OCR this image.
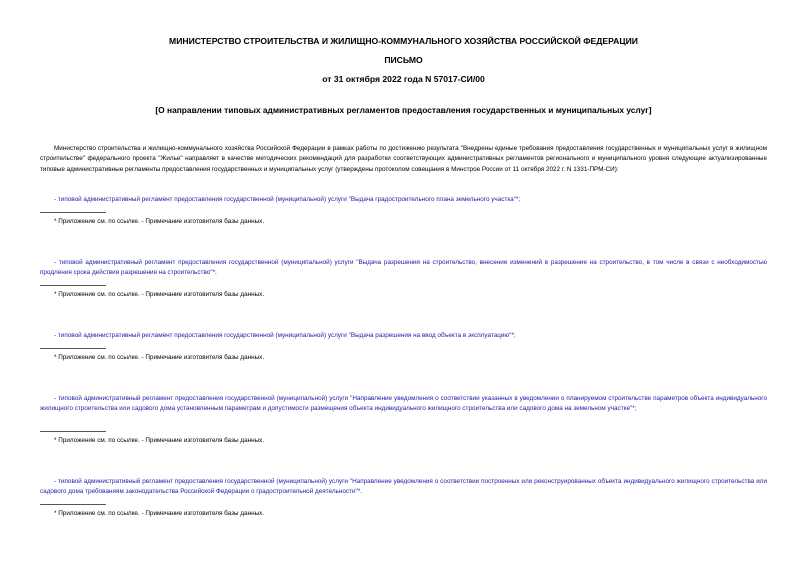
МИНИСТЕРСТВО СТРОИТЕЛЬСТВА И ЖИЛИЩНО-КОММУНАЛЬНОГО ХОЗЯЙСТВА РОССИЙСКОЙ ФЕДЕРАЦИИ
ПИСЬМО
от 31 октября 2022 года N 57017-СИ/00
[О направлении типовых административных регламентов предоставления государственных и муниципальных услуг]
Министерство строительства и жилищно-коммунального хозяйства Российской Федерации в рамках работы по достижению результата "Внедрены единые требования предоставления государственных и муниципальных услуг в жилищном строительстве" федерального проекта "Жилье" направляет в качестве методических рекомендаций для разработки соответствующих административных регламентов регионального и муниципального уровня следующие актуализированные типовые административные регламенты предоставления государственных и муниципальных услуг (утверждены протоколом совещания в Минстрое России от 11 октября 2022 г. N 1331-ПРМ-СИ):
- типовой административный регламент предоставления государственной (муниципальной) услуги "Выдача градостроительного плана земельного участка"*;
* Приложение см. по ссылке. - Примечание изготовителя базы данных.
- типовой административный регламент предоставления государственной (муниципальной) услуги "Выдача разрешения на строительство, внесение изменений в разрешение на строительство, в том числе в связи с необходимостью продления срока действия разрешения на строительство"*;
* Приложение см. по ссылке. - Примечание изготовителя базы данных.
- типовой административный регламент предоставления государственной (муниципальной) услуги "Выдача разрешения на ввод объекта в эксплуатацию"*;
* Приложение см. по ссылке. - Примечание изготовителя базы данных.
- типовой административный регламент предоставления государственной (муниципальной) услуги "Направление уведомления о соответствии указанных в уведомлении о планируемом строительстве параметров объекта индивидуального жилищного строительства или садового дома установленным параметрам и допустимости размещения объекта индивидуального жилищного строительства или садового дома на земельном участке"*;
* Приложение см. по ссылке. - Примечание изготовителя базы данных.
- типовой административный регламент предоставления государственной (муниципальной) услуги "Направление уведомления о соответствии построенных или реконструированных объекта индивидуального жилищного строительства или садового дома требованиям законодательства Российской Федерации о градостроительной деятельности"*.
* Приложение см. по ссылке. - Примечание изготовителя базы данных.
